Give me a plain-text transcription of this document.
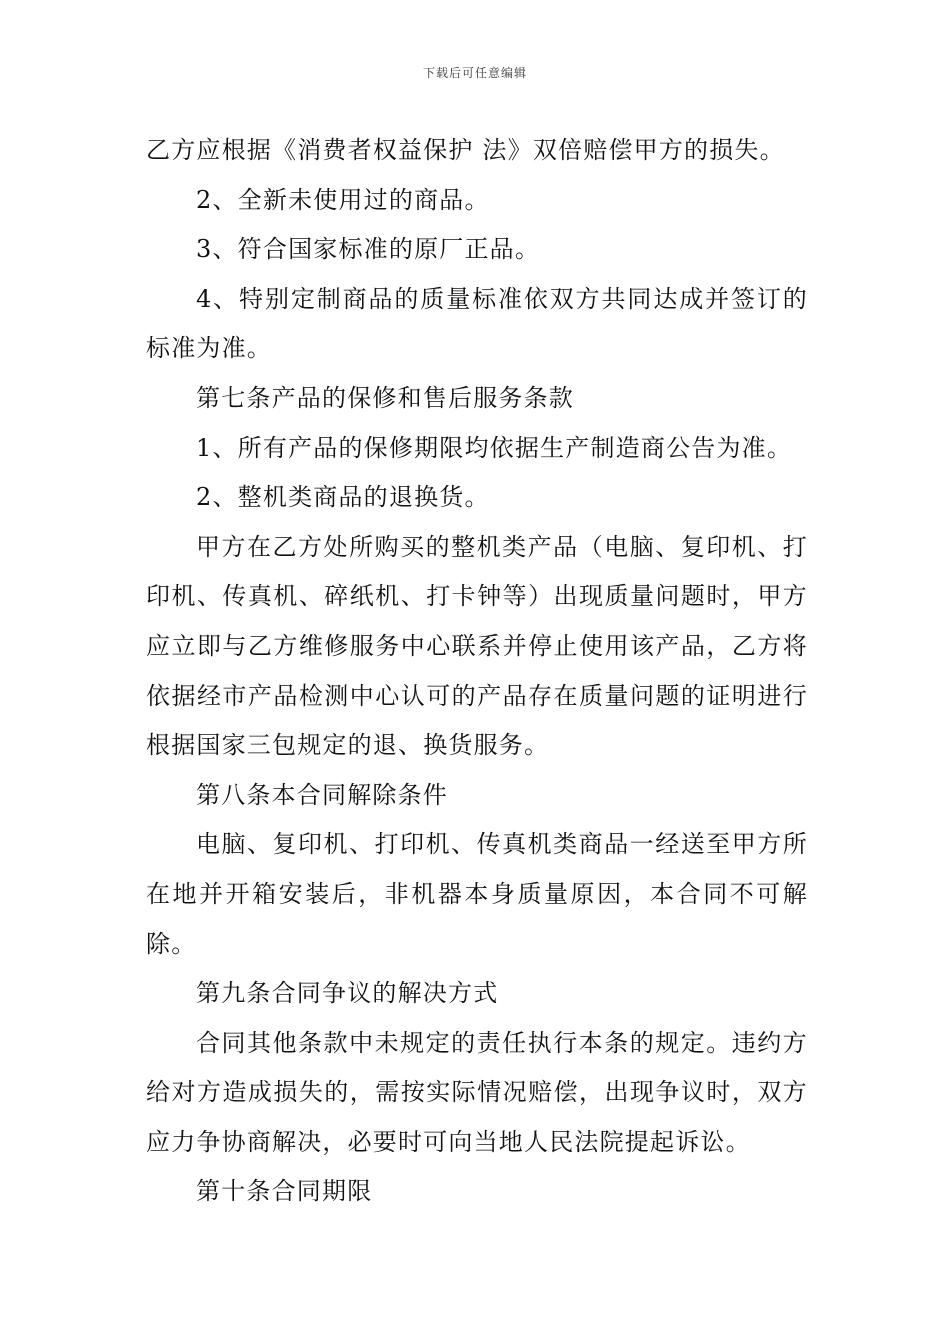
下载后可任意编辑

乙方应根据《消费者权益保护 法》双倍赔偿甲方的损失。

2、全新未使用过的商品。

3、符合国家标准的原厂正品。

4、特别定制商品的质量标准依双方共同达成并签订的标准为准。

第七条产品的保修和售后服务条款

1、所有产品的保修期限均依据生产制造商公告为准。

2、整机类商品的退换货。

甲方在乙方处所购买的整机类产品（电脑、复印机、打印机、传真机、碎纸机、打卡钟等）出现质量问题时，甲方应立即与乙方维修服务中心联系并停止使用该产品，乙方将依据经市产品检测中心认可的产品存在质量问题的证明进行根据国家三包规定的退、换货服务。

第八条本合同解除条件

电脑、复印机、打印机、传真机类商品一经送至甲方所在地并开箱安装后，非机器本身质量原因，本合同不可解除。

第九条合同争议的解决方式

合同其他条款中未规定的责任执行本条的规定。违约方给对方造成损失的，需按实际情况赔偿，出现争议时，双方应力争协商解决，必要时可向当地人民法院提起诉讼。

第十条合同期限
